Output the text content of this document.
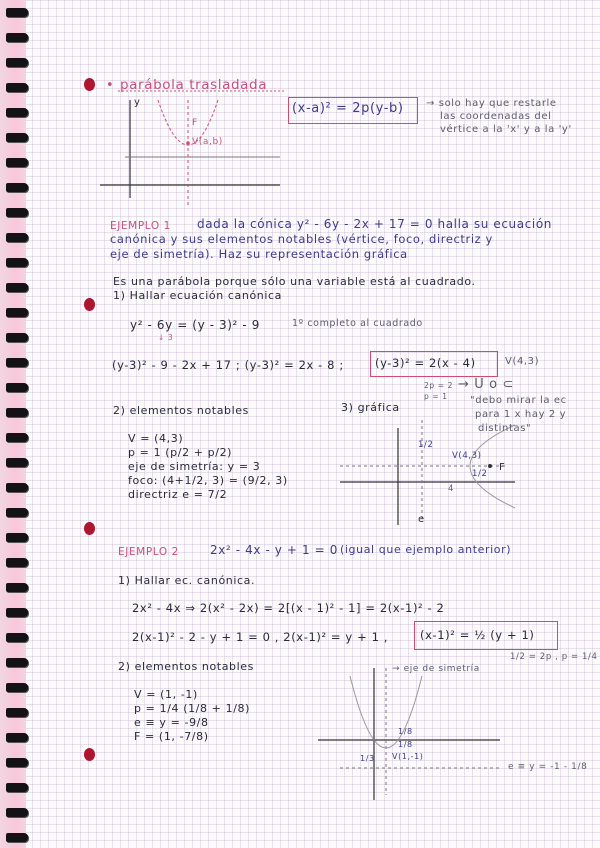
• parábola trasladada
(x-a)² = 2p(y-b) → solo hay que restarle
las coordenadas del
vértice a la 'x' y a la 'y'
y
F
V(a,b)
EJEMPLO 1 dada la cónica y² - 6y - 2x + 17 = 0 halla su ecuación
canónica y sus elementos notables (vértice, foco, directriz y
eje de simetría). Haz su representación gráfica
Es una parábola porque sólo una variable está al cuadrado.
1) Hallar ecuación canónica
y² - 6y = (y - 3)² - 9	1º completo al cuadrado
↓ 3
(y-3)² - 9 - 2x + 17 ; (y-3)² = 2x - 8 ;	(y-3)² = 2(x - 4)	V(4,3)
2p = 2
p = 1
→ U o ⊂
"debo mirar la ec
para 1 x hay 2 y
distintas"
2) elementos notables	3) gráfica
V = (4,3)
p = 1 (p/2 + p/2)
eje de simetría: y = 3
foco: (4+1/2, 3) = (9/2, 3)
directriz e = 7/2
1/2
V(4,3)
1/2
F
4
e
EJEMPLO 2	2x² - 4x - y + 1 = 0 (igual que ejemplo anterior)
1) Hallar ec. canónica.
2x² - 4x ⇒ 2(x² - 2x) = 2[(x - 1)² - 1] = 2(x-1)² - 2
2(x-1)² - 2 - y + 1 = 0 , 2(x-1)² = y + 1 ,	(x-1)² = ½ (y + 1)
1/2 = 2p , p = 1/4
2) elementos notables
V = (1, -1)
p = 1/4 (1/8 + 1/8)
e ≡ y = -9/8
F = (1, -7/8)
→ eje de simetría
1/8
1/8
1/3 V(1,-1)
e ≡ y = -1 - 1/8
